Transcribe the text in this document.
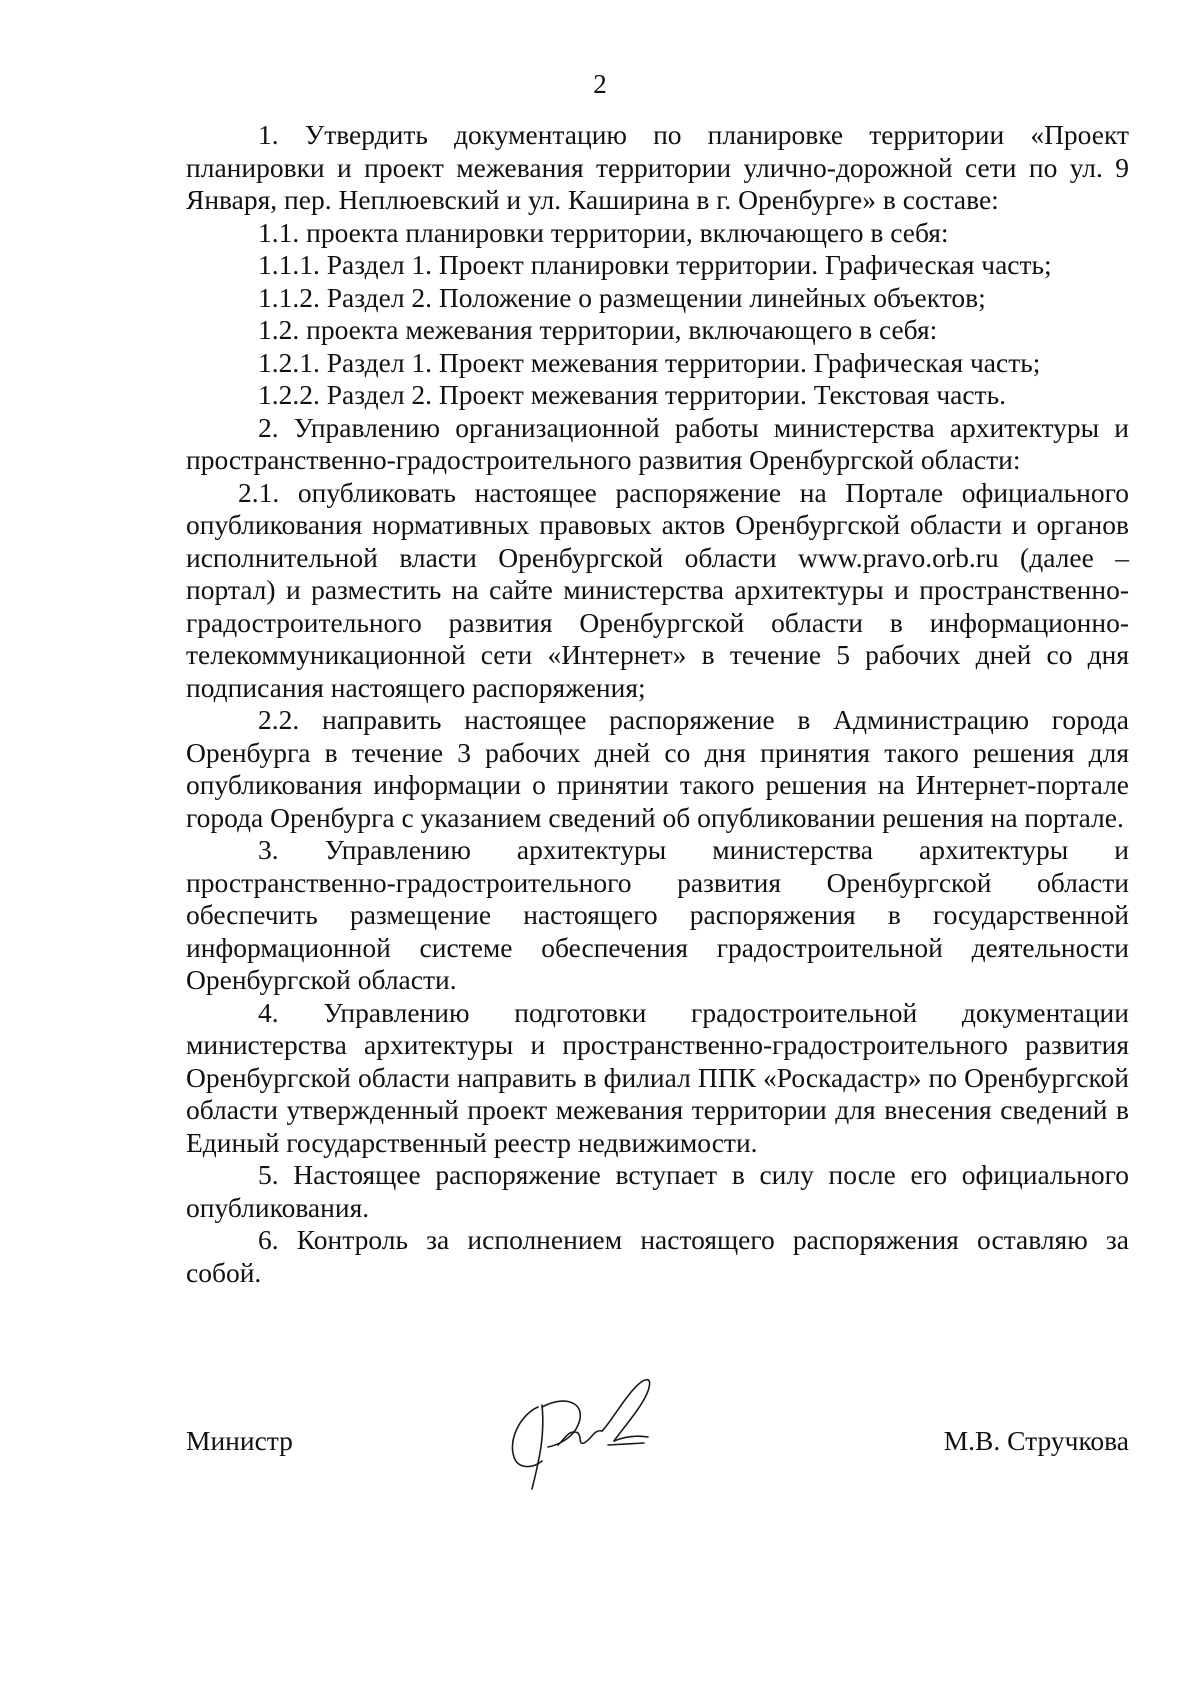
2

1. Утвердить документацию по планировке территории «Проект планировки и проект межевания территории улично-дорожной сети по ул. 9 Января, пер. Неплюевский и ул. Каширина в г. Оренбурге» в составе:

1.1. проекта планировки территории, включающего в себя:

1.1.1. Раздел 1. Проект планировки территории. Графическая часть;

1.1.2. Раздел 2. Положение о размещении линейных объектов;

1.2. проекта межевания территории, включающего в себя:

1.2.1. Раздел 1. Проект межевания территории. Графическая часть;

1.2.2. Раздел 2. Проект межевания территории. Текстовая часть.

2. Управлению организационной работы министерства архитектуры и пространственно-градостроительного развития Оренбургской области:

2.1. опубликовать настоящее распоряжение на Портале официального опубликования нормативных правовых актов Оренбургской области и органов исполнительной власти Оренбургской области www.pravo.orb.ru (далее – портал) и разместить на сайте министерства архитектуры и пространственно-градостроительного развития Оренбургской области в информационно-телекоммуникационной сети «Интернет» в течение 5 рабочих дней со дня подписания настоящего распоряжения;

2.2. направить настоящее распоряжение в Администрацию города Оренбурга в течение 3 рабочих дней со дня принятия такого решения для опубликования информации о принятии такого решения на Интернет-портале города Оренбурга с указанием сведений об опубликовании решения на портале.

3. Управлению архитектуры министерства архитектуры и пространственно-градостроительного развития Оренбургской области обеспечить размещение настоящего распоряжения в государственной информационной системе обеспечения градостроительной деятельности Оренбургской области.

4. Управлению подготовки градостроительной документации министерства архитектуры и пространственно-градостроительного развития Оренбургской области направить в филиал ППК «Роскадастр» по Оренбургской области утвержденный проект межевания территории для внесения сведений в Единый государственный реестр недвижимости.

5. Настоящее распоряжение вступает в силу после его официального опубликования.

6. Контроль за исполнением настоящего распоряжения оставляю за собой.

Министр	М.В. Стручкова
